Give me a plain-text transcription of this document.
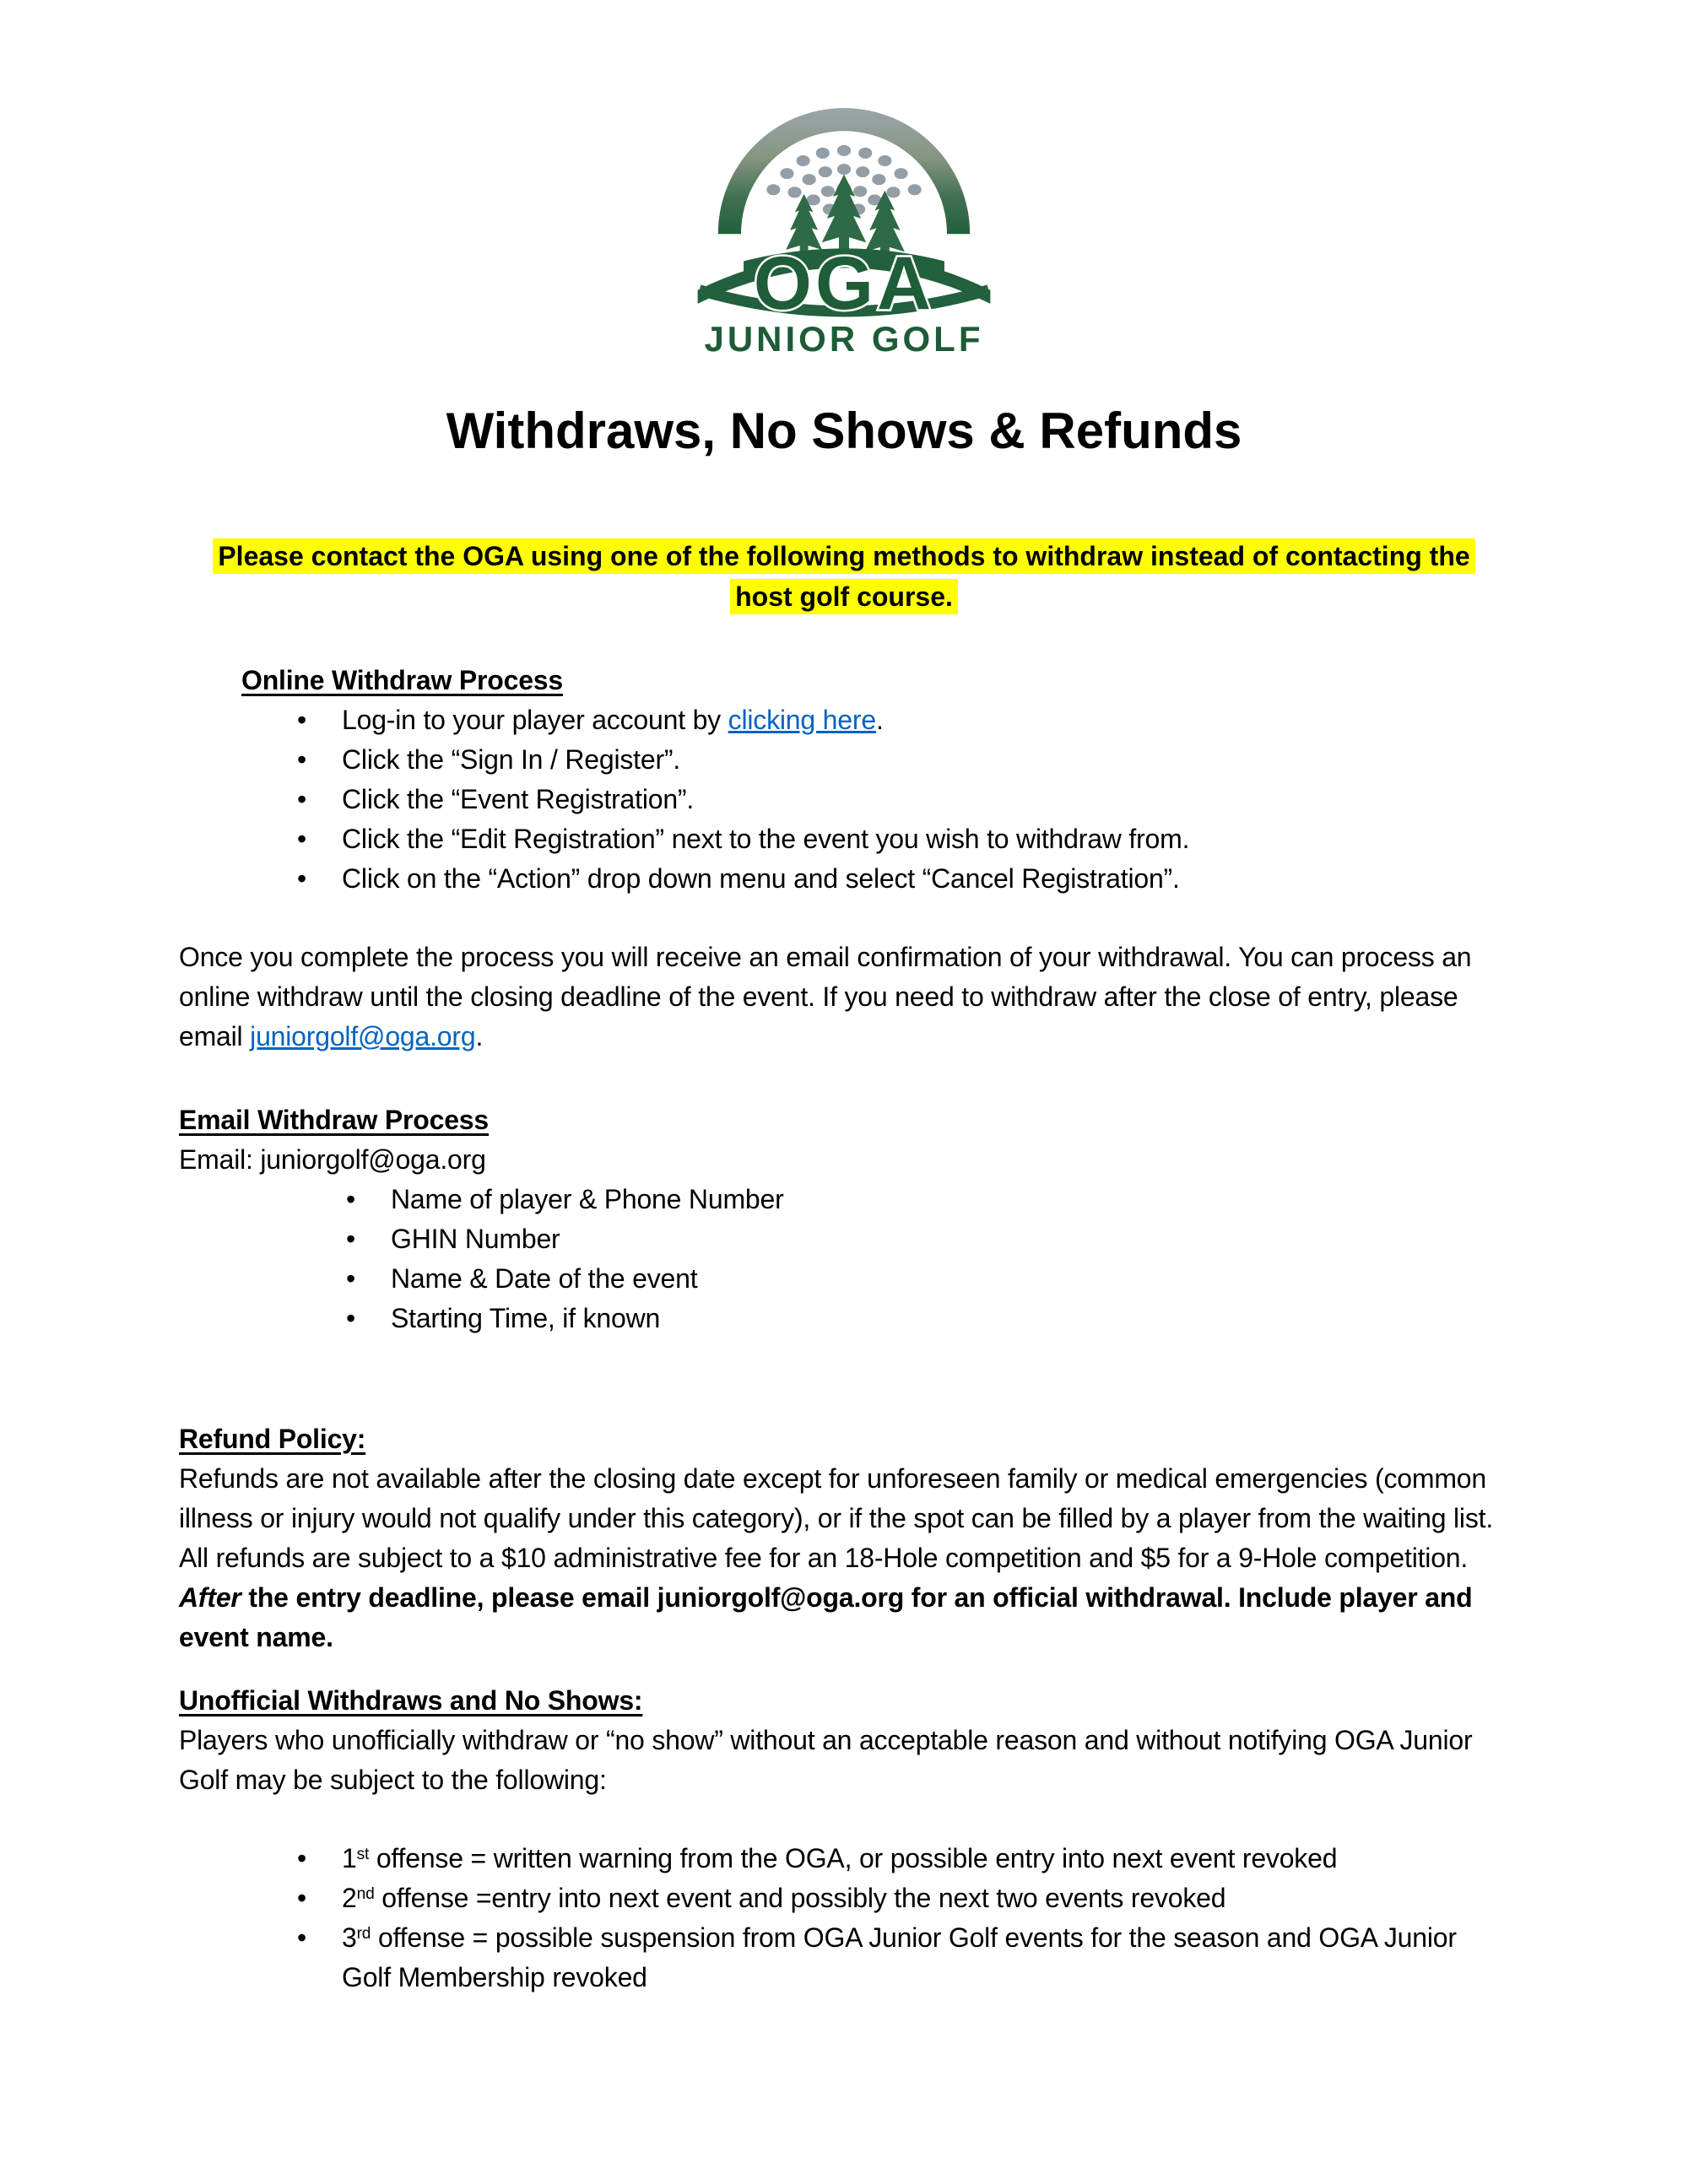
OGA
JUNIOR GOLF
Withdraws, No Shows & Refunds
Please contact the OGA using one of the following methods to withdraw instead of contacting the
host golf course.
Online Withdraw Process
• Log-in to your player account by clicking here.
• Click the “Sign In / Register”.
• Click the “Event Registration”.
• Click the “Edit Registration” next to the event you wish to withdraw from.
• Click on the “Action” drop down menu and select “Cancel Registration”.

Once you complete the process you will receive an email confirmation of your withdrawal. You can process an online withdraw until the closing deadline of the event. If you need to withdraw after the close of entry, please email juniorgolf@oga.org.

Email Withdraw Process

Email: juniorgolf@oga.org

• Name of player & Phone Number
• GHIN Number
• Name & Date of the event
• Starting Time, if known
Refund Policy:

Refunds are not available after the closing date except for unforeseen family or medical emergencies (common illness or injury would not qualify under this category), or if the spot can be filled by a player from the waiting list. All refunds are subject to a $10 administrative fee for an 18-Hole competition and $5 for a 9-Hole competition. After the entry deadline, please email juniorgolf@oga.org for an official withdrawal. Include player and event name.

Unofficial Withdraws and No Shows:

Players who unofficially withdraw or “no show” without an acceptable reason and without notifying OGA Junior Golf may be subject to the following:

• 1st offense = written warning from the OGA, or possible entry into next event revoked
• 2nd offense =entry into next event and possibly the next two events revoked
• 3rd offense = possible suspension from OGA Junior Golf events for the season and OGA Junior Golf Membership revoked
